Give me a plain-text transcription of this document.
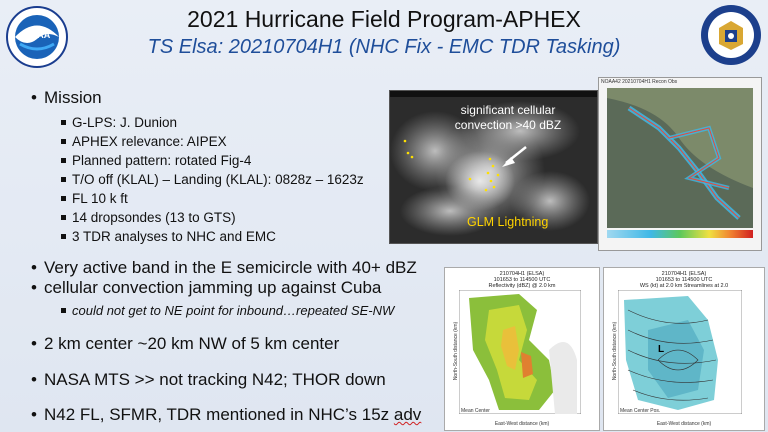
NOAA
2021 Hurricane Field Program-APHEX
TS Elsa: 20210704H1 (NHC Fix - EMC TDR Tasking)
• Mission
G-LPS: J. Dunion
APHEX relevance: AIPEX
Planned pattern: rotated Fig-4
T/O off (KLAL) – Landing (KLAL): 0828z – 1623z
FL 10 k ft
14 dropsondes (13 to GTS)
3 TDR analyses to NHC and EMC
• Very active band in the E semicircle with 40+ dBZ
• cellular convection jamming up against Cuba
could not get to NE point for inbound…repeated SE-NW
• 2 km center ~20 km NW of 5 km center
• NASA MTS >> not tracking N42; THOR down
• N42 FL, SFMR, TDR mentioned in NHC’s 15z adv
significant cellular convection >40 dBZ
GLM Lightning
NOAA42 20210704H1 Recon Obs
210704H1 (ELSA)
101653 to 114500 UTC
Reflectivity (dBZ) @ 2.0 km
North-South distance (km)
Mean Center
East-West distance (km)
210704H1 (ELSA)
101653 to 114500 UTC
WS (kt) at 2.0 km Streamlines at 2.0
L
North-South distance (km)
Mean Center Pos.
East-West distance (km)
